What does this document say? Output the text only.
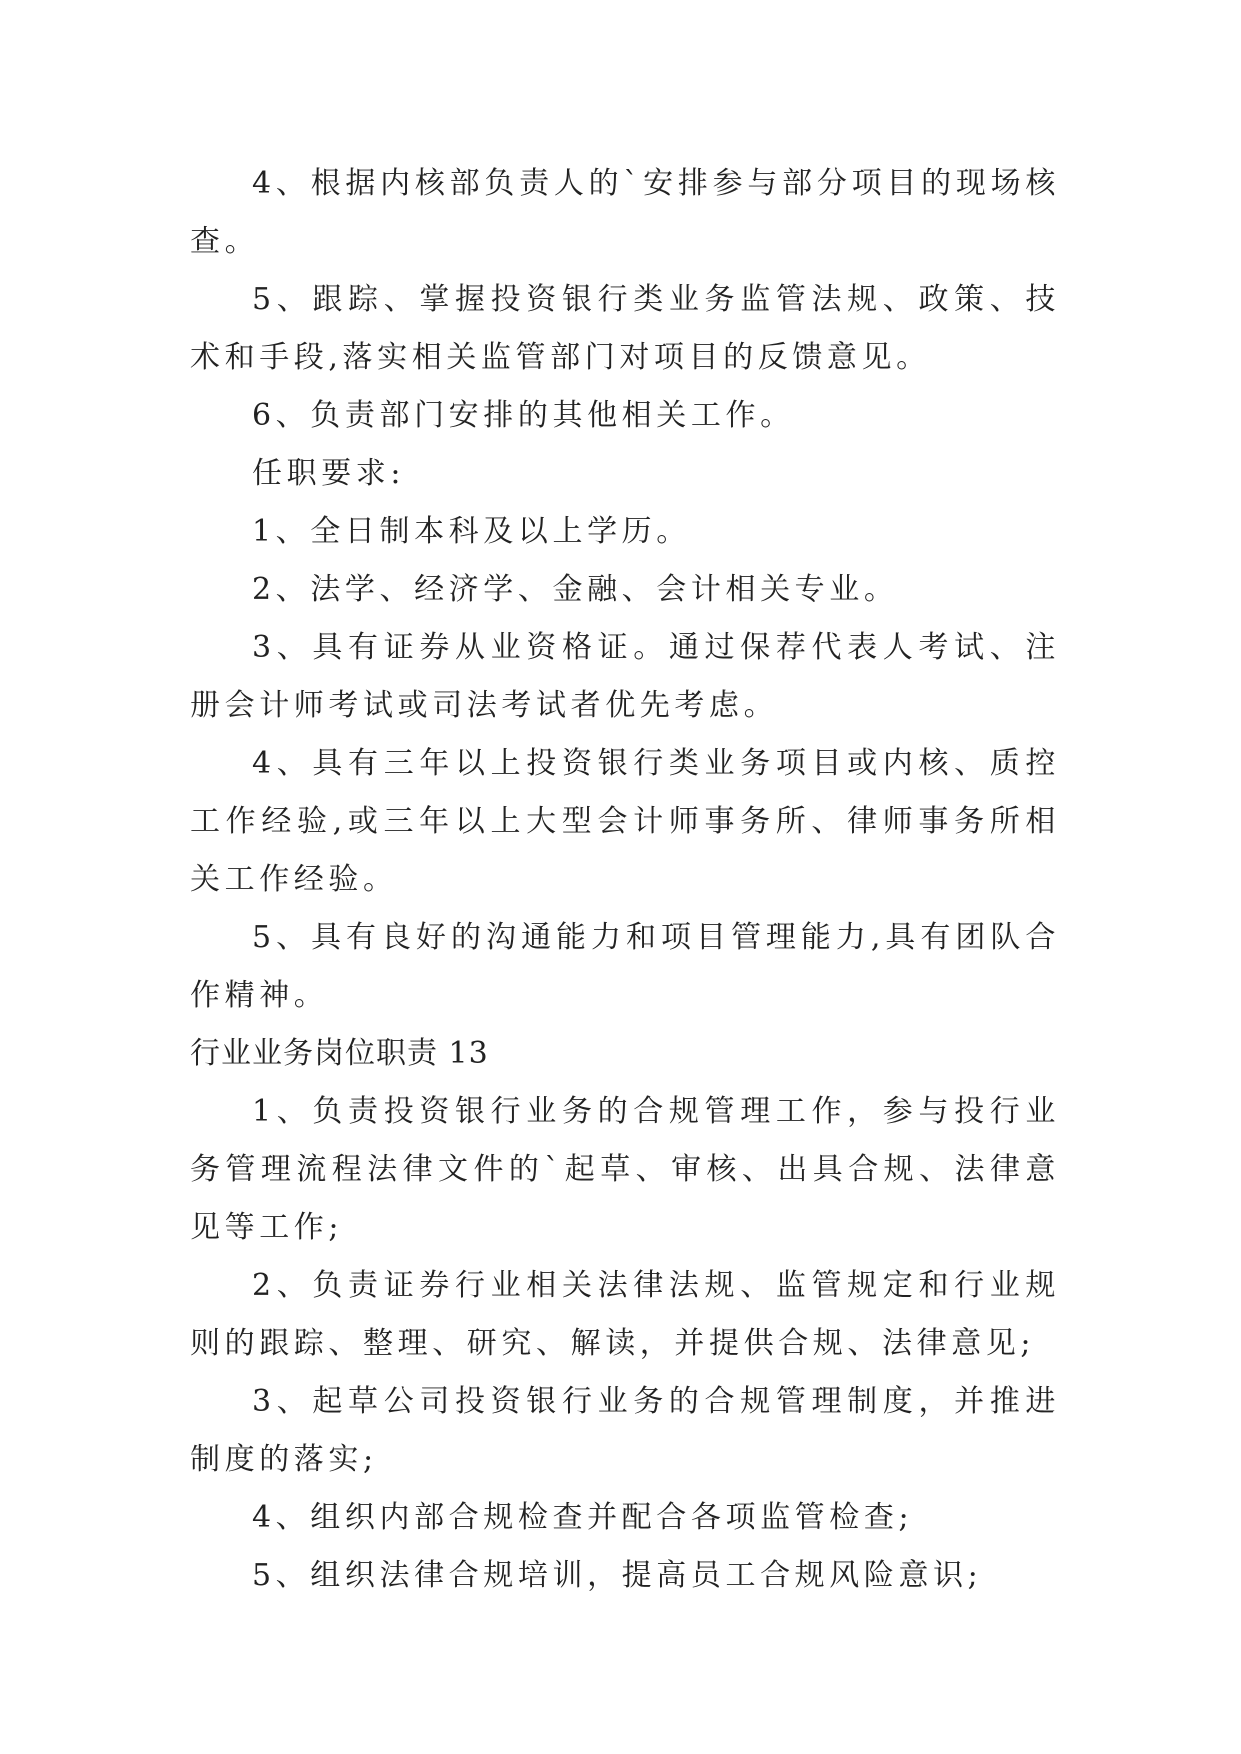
4、根据内核部负责人的`安排参与部分项目的现场核查。

5、跟踪、掌握投资银行类业务监管法规、政策、技术和手段,落实相关监管部门对项目的反馈意见。

6、负责部门安排的其他相关工作。

任职要求:

1、全日制本科及以上学历。

2、法学、经济学、金融、会计相关专业。

3、具有证券从业资格证。通过保荐代表人考试、注册会计师考试或司法考试者优先考虑。

4、具有三年以上投资银行类业务项目或内核、质控工作经验,或三年以上大型会计师事务所、律师事务所相关工作经验。

5、具有良好的沟通能力和项目管理能力,具有团队合作精神。

行业业务岗位职责 13

1、负责投资银行业务的合规管理工作，参与投行业务管理流程法律文件的`起草、审核、出具合规、法律意见等工作;

2、负责证券行业相关法律法规、监管规定和行业规则的跟踪、整理、研究、解读，并提供合规、法律意见;

3、起草公司投资银行业务的合规管理制度，并推进制度的落实;

4、组织内部合规检查并配合各项监管检查;

5、组织法律合规培训，提高员工合规风险意识;
